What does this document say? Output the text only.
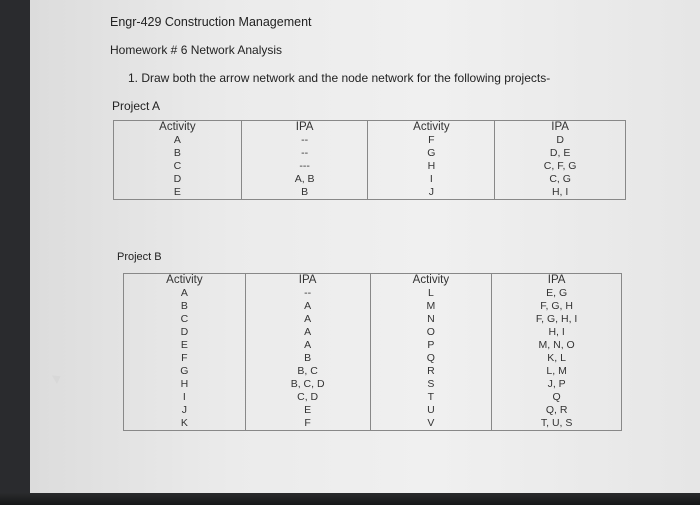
Engr-429 Construction Management
Homework # 6 Network Analysis
1. Draw both the arrow network and the node network for the following projects-
Project A
Activity	IPA	Activity	IPA
A	--	F	D
B	--	G	D, E
C	---	H	C, F, G
D	A, B	I	C, G
E	B	J	H, I
Project B
Activity	IPA	Activity	IPA
A	--	L	E, G
B	A	M	F, G, H
C	A	N	F, G, H, I
D	A	O	H, I
E	A	P	M, N, O
F	B	Q	K, L
G	B, C	R	L, M
H	B, C, D	S	J, P
I	C, D	T	Q
J	E	U	Q, R
K	F	V	T, U, S
